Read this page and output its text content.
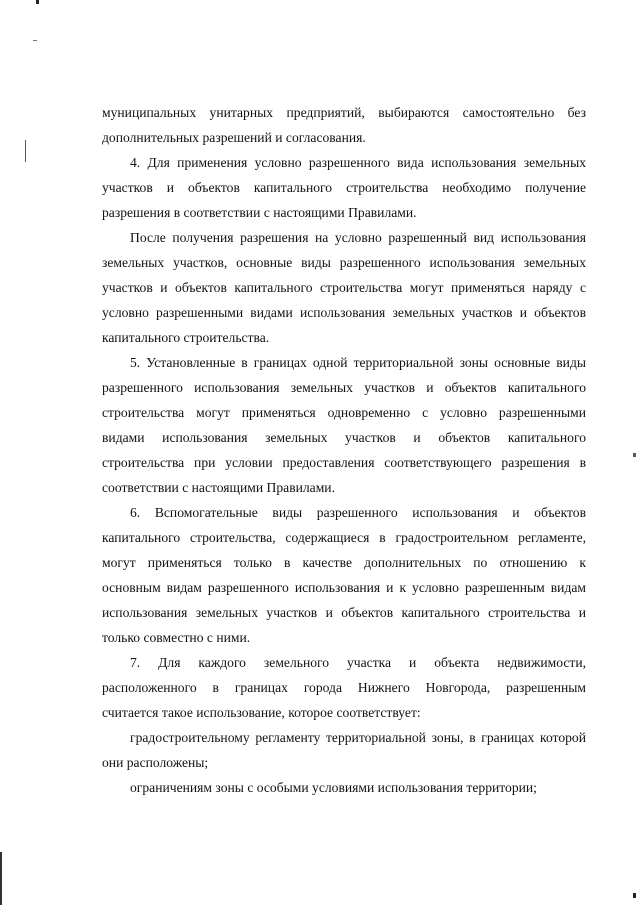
муниципальных унитарных предприятий, выбираются самостоятельно без
дополнительных разрешений и согласования.
4. Для применения условно разрешенного вида использования земельных
участков и объектов капитального строительства необходимо получение
разрешения в соответствии с настоящими Правилами.
После получения разрешения на условно разрешенный вид использования
земельных участков, основные виды разрешенного использования земельных
участков и объектов капитального строительства могут применяться наряду с
условно разрешенными видами использования земельных участков и объектов
капитального строительства.
5. Установленные в границах одной территориальной зоны основные виды
разрешенного использования земельных участков и объектов капитального
строительства могут применяться одновременно с условно разрешенными
видами использования земельных участков и объектов капитального
строительства при условии предоставления соответствующего разрешения в
соответствии с настоящими Правилами.
6. Вспомогательные виды разрешенного использования и объектов
капитального строительства, содержащиеся в градостроительном регламенте,
могут применяться только в качестве дополнительных по отношению к
основным видам разрешенного использования и к условно разрешенным видам
использования земельных участков и объектов капитального строительства и
только совместно с ними.
7. Для каждого земельного участка и объекта недвижимости,
расположенного в границах города Нижнего Новгорода, разрешенным
считается такое использование, которое соответствует:
градостроительному регламенту территориальной зоны, в границах которой
они расположены;
ограничениям зоны с особыми условиями использования территории;
